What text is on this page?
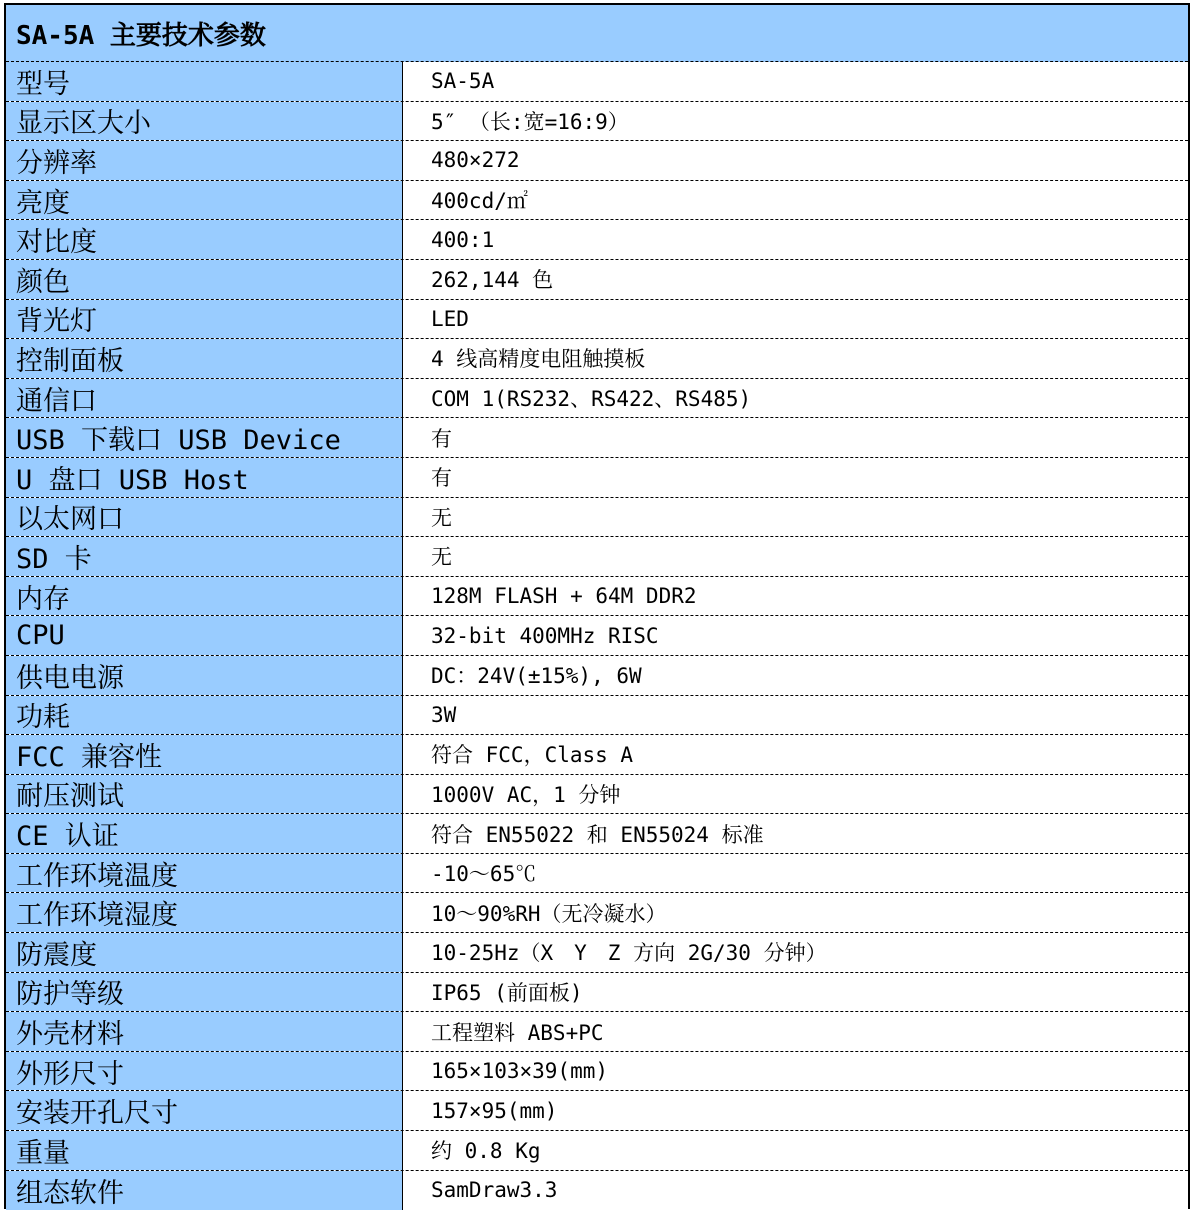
SA-5A 主要技术参数
型号	SA-5A
显示区大小	5″ （长:宽=16:9）
分辨率	480×272
亮度	400cd/㎡
对比度	400:1
颜色	262,144 色
背光灯	LED
控制面板	4 线高精度电阻触摸板
通信口	COM 1(RS232、RS422、RS485)
USB 下载口 USB Device	有
U 盘口 USB Host	有
以太网口	无
SD 卡	无
内存	128M FLASH + 64M DDR2
CPU	32-bit 400MHz RISC
供电电源	DC：24V(±15%), 6W
功耗	3W
FCC 兼容性	符合 FCC，Class A
耐压测试	1000V AC，1 分钟
CE 认证	符合 EN55022 和 EN55024 标准
工作环境温度	-10～65℃
工作环境湿度	10～90%RH（无冷凝水）
防震度	10-25Hz（X　Y　Z 方向 2G/30 分钟）
防护等级	IP65 (前面板)
外壳材料	工程塑料 ABS+PC
外形尺寸	165×103×39(mm)
安装开孔尺寸	157×95(mm)
重量	约 0.8 Kg
组态软件	SamDraw3.3
